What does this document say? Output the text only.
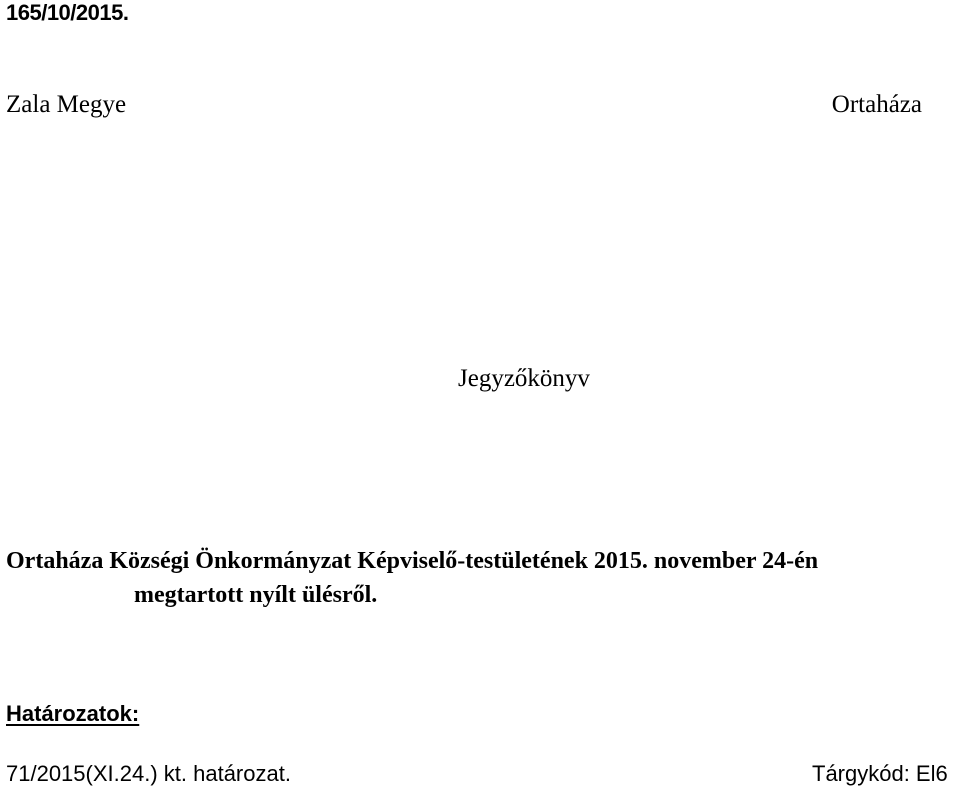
165/10/2015.
Zala Megye	Ortaháza
Jegyzőkönyv
Ortaháza Községi Önkormányzat Képviselő-testületének 2015. november 24-én
megtartott nyílt ülésről.
Határozatok:
71/2015(XI.24.) kt. határozat.	Tárgykód: El6
